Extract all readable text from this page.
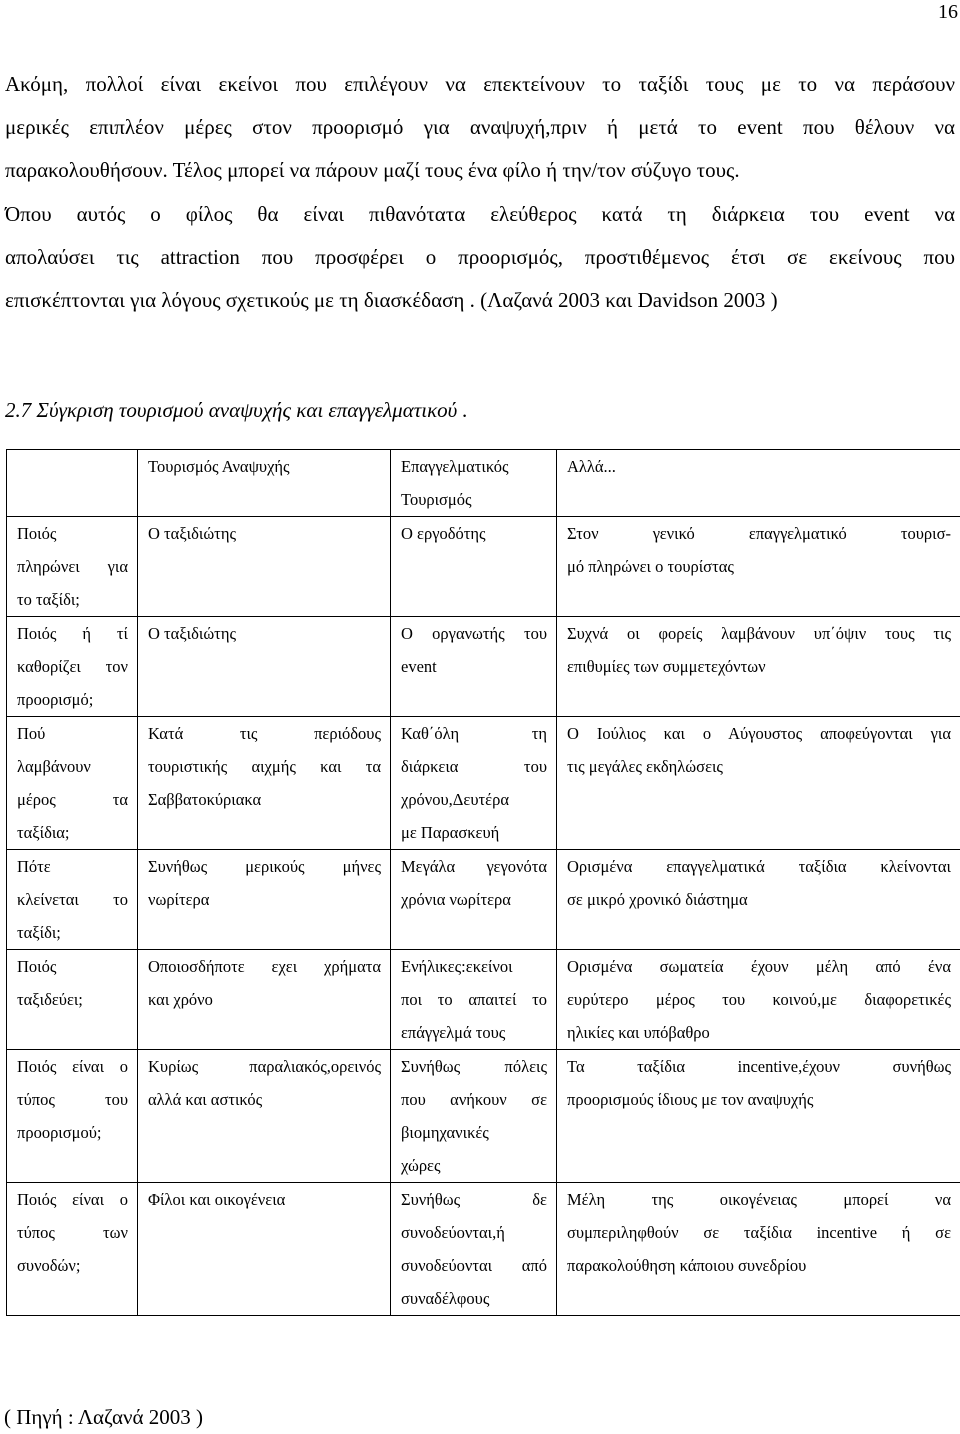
16
Ακόμη, πολλοί είναι εκείνοι που επιλέγουν να επεκτείνουν το ταξίδι τους με το να περάσουν
μερικές επιπλέον μέρες στον προορισμό για αναψυχή,πριν ή μετά το event που θέλουν να
παρακολουθήσουν. Τέλος μπορεί να πάρουν μαζί τους ένα φίλο ή την/τον σύζυγο τους.
Όπου αυτός ο φίλος θα είναι πιθανότατα ελεύθερος κατά τη διάρκεια του event να
απολαύσει τις attraction που προσφέρει ο προορισμός, προστιθέμενος έτσι σε εκείνους που
επισκέπτονται για λόγους σχετικούς με τη διασκέδαση . (Λαζανά 2003 και Davidson 2003 )
2.7 Σύγκριση τουρισμού αναψυχής και επαγγελματικού .

	Τουρισμός Αναψυχής	Επαγγελματικός
Τουρισμός	Αλλά...

Ποιός
πληρώνει για
το ταξίδι;	Ο ταξιδιώτης	Ο εργοδότης	Στον γενικό επαγγελματικό τουρισ-
μό πληρώνει ο τουρίστας

Ποιός ή τί
καθορίζει τον
προορισμό;	Ο ταξιδιώτης	Ο οργανωτής του
event	Συχνά οι φορείς λαμβάνουν υπ΄όψιν τους τις
επιθυμίες των συμμετεχόντων

Πού
λαμβάνουν
μέρος τα
ταξίδια;	Κατά τις περιόδους
τουριστικής αιχμής και τα
Σαββατοκύριακα	Καθ΄όλη τη
διάρκεια του
χρόνου,Δευτέρα
με Παρασκευή	Ο Ιούλιος και ο Αύγουστος αποφεύγονται για
τις μεγάλες εκδηλώσεις

Πότε
κλείνεται το
ταξίδι;	Συνήθως μερικούς μήνες
νωρίτερα	Μεγάλα γεγονότα
χρόνια νωρίτερα	Ορισμένα επαγγελματικά ταξίδια κλείνονται
σε μικρό χρονικό διάστημα

Ποιός
ταξιδεύει;	Οποιοσδήποτε εχει χρήματα
και χρόνο	Ενήλικες:εκείνοι
ποι το απαιτεί το
επάγγελμά τους	Ορισμένα σωματεία έχουν μέλη από ένα
ευρύτερο μέρος του κοινού,με διαφορετικές
ηλικίες και υπόβαθρο

Ποιός είναι ο
τύπος του
προορισμού;	Κυρίως παραλιακός,ορεινός
αλλά και αστικός	Συνήθως πόλεις
που ανήκουν σε
βιομηχανικές
χώρες	Τα ταξίδια incentive,έχουν συνήθως
προορισμούς ίδιους με τον αναψυχής

Ποιός είναι ο
τύπος των
συνοδών;	Φίλοι και οικογένεια	Συνήθως δε
συνοδεύονται,ή
συνοδεύονται από
συναδέλφους	Μέλη της οικογένειας μπορεί να
συμπεριληφθούν σε ταξίδια incentive ή σε
παρακολούθηση κάποιου συνεδρίου
( Πηγή : Λαζανά 2003 )
